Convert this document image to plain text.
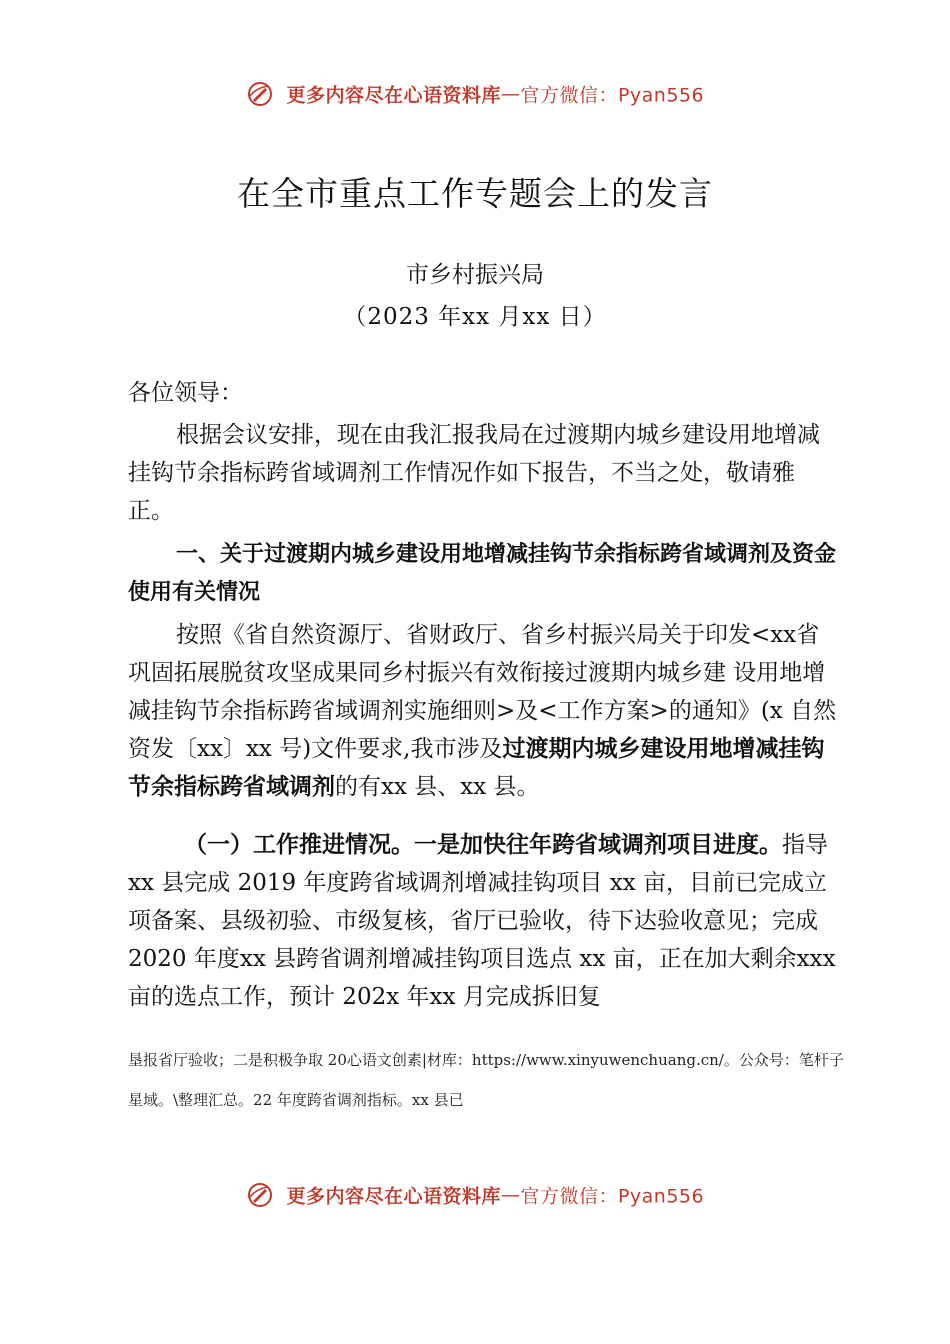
更多内容尽在心语资料库—官方微信：Pyan556
在全市重点工作专题会上的发言
市乡村振兴局
（2023 年xx 月xx 日）
各位领导：
根据会议安排，现在由我汇报我局在过渡期内城乡建设用地增减挂钩节余指标跨省域调剂工作情况作如下报告，不当之处，敬请雅正。
一、关于过渡期内城乡建设用地增减挂钩节余指标跨省域调剂及资金使用有关情况
按照《省自然资源厅、省财政厅、省乡村振兴局关于印发<xx省巩固拓展脱贫攻坚成果同乡村振兴有效衔接过渡期内城乡建 设用地增减挂钩节余指标跨省域调剂实施细则>及<工作方案>的通知》(x 自然资发〔xx〕xx 号)文件要求,我市涉及过渡期内城乡建设用地增减挂钩节余指标跨省域调剂的有xx 县、xx 县。
（一）工作推进情况。一是加快往年跨省域调剂项目进度。指导 xx 县完成 2019 年度跨省域调剂增减挂钩项目 xx 亩，目前已完成立项备案、县级初验、市级复核，省厅已验收，待下达验收意见；完成 2020 年度xx 县跨省调剂增减挂钩项目选点 xx 亩，正在加大剩余xxx 亩的选点工作，预计 202x 年xx 月完成拆旧复
垦报省厅验收；二是积极争取 20心语文创素|材库：https://www.xinyuwenchuang.cn/。公众号：笔杆子星域。\整理汇总。22 年度跨省调剂指标。xx 县已
更多内容尽在心语资料库—官方微信：Pyan556
